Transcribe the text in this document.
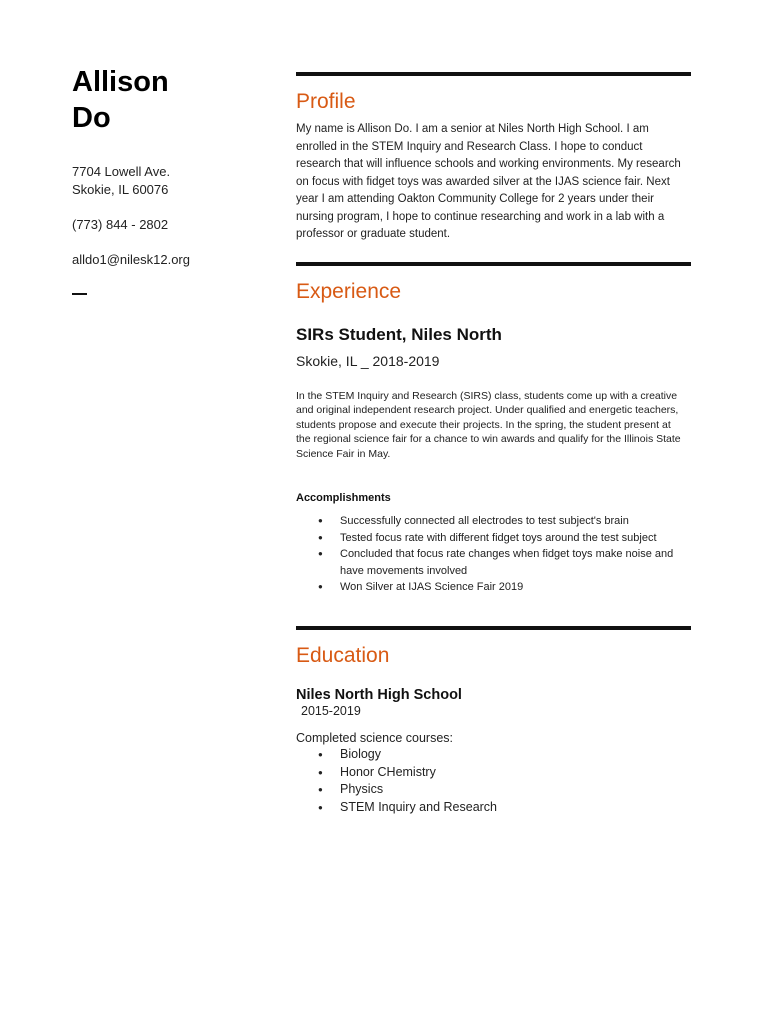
Allison
Do
7704 Lowell Ave.
Skokie, IL 60076
(773) 844 - 2802
alldo1@nilesk12.org
Profile
My name is Allison Do. I am a senior at Niles North High School. I am enrolled in the STEM Inquiry and Research Class. I hope to conduct research that will influence schools and working environments. My research on focus with fidget toys was awarded silver at the IJAS science fair. Next year I am attending Oakton Community College for 2 years under their nursing program, I hope to continue researching and work in a lab with a professor or graduate student.
Experience
SIRs Student, Niles North
Skokie, IL _ 2018-2019
In the STEM Inquiry and Research (SIRS) class, students come up with a creative and original independent research project. Under qualified and energetic teachers, students propose and execute their projects. In the spring, the student present at the regional science fair for a chance to win awards and qualify for the Illinois State Science Fair in May.
Accomplishments
● Successfully connected all electrodes to test subject's brain
● Tested focus rate with different fidget toys around the test subject
● Concluded that focus rate changes when fidget toys make noise and have movements involved
● Won Silver at IJAS Science Fair 2019
Education
Niles North High School
2015-2019
Completed science courses:
● Biology
● Honor CHemistry
● Physics
● STEM Inquiry and Research
